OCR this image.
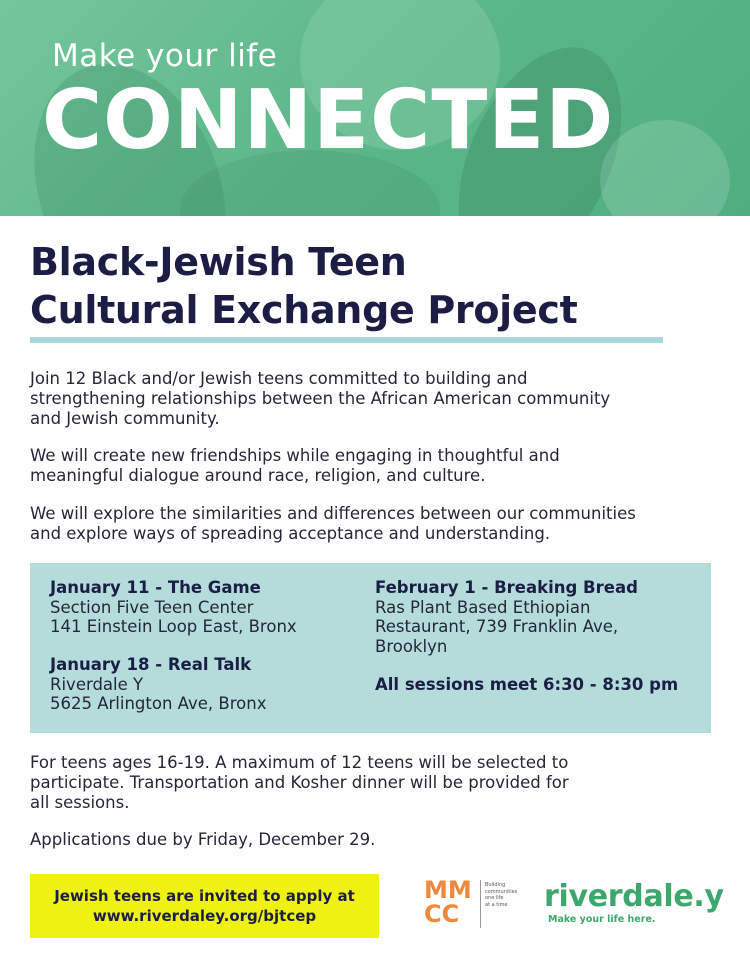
Make your life
CONNECTED
Black-Jewish Teen
Cultural Exchange Project
Join 12 Black and/or Jewish teens committed to building and
strengthening relationships between the African American community
and Jewish community.
We will create new friendships while engaging in thoughtful and
meaningful dialogue around race, religion, and culture.
We will explore the similarities and differences between our communities
and explore ways of spreading acceptance and understanding.
January 11 - The Game
Section Five Teen Center
141 Einstein Loop East, Bronx
January 18 - Real Talk
Riverdale Y
5625 Arlington Ave, Bronx
February 1 - Breaking Bread
Ras Plant Based Ethiopian
Restaurant, 739 Franklin Ave,
Brooklyn
All sessions meet 6:30 - 8:30 pm
For teens ages 16-19. A maximum of 12 teens will be selected to
participate. Transportation and Kosher dinner will be provided for
all sessions.
Applications due by Friday, December 29.
Jewish teens are invited to apply at
www.riverdaley.org/bjtcep
MM
CC
Building
communities
one life
at a time	riverdale.y
Make your life here.
